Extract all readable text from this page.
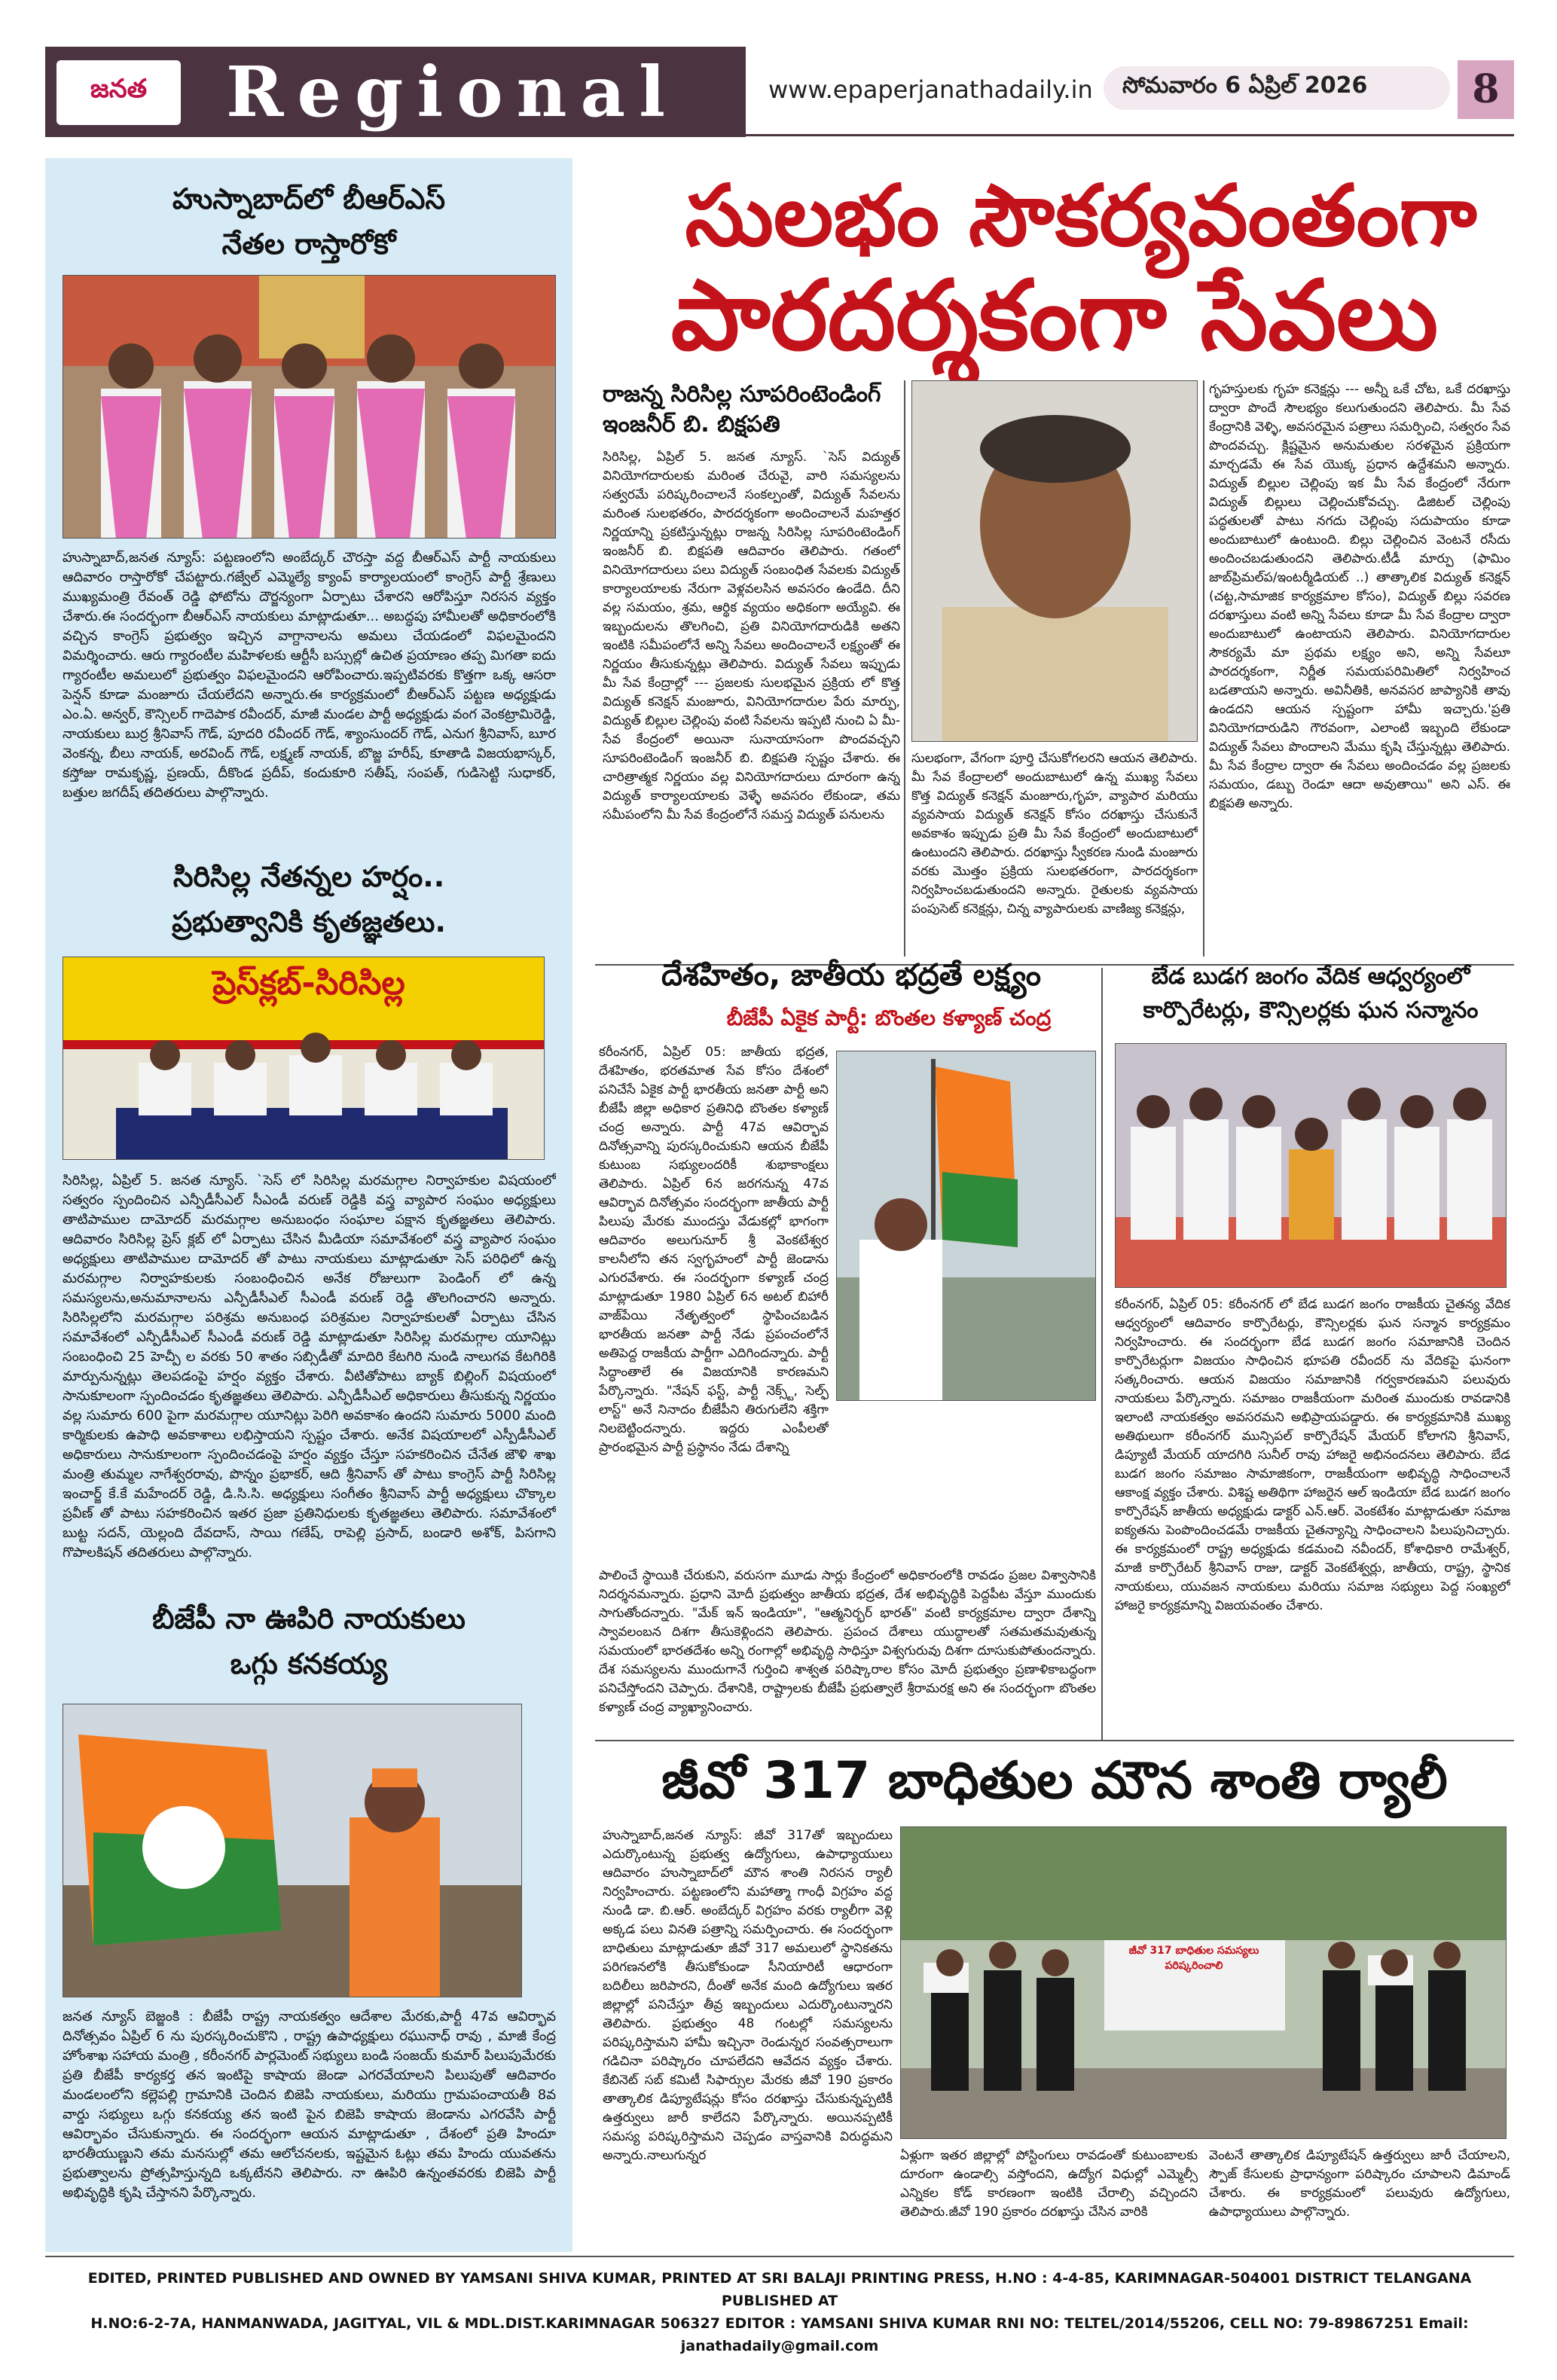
జనత	Regional	www.epaperjanathadaily.in సోమవారం 6 ఏప్రిల్ 2026	8
హుస్నాబాద్‌లో బీఆర్ఎస్
నేతల రాస్తారోకో
హుస్నాబాద్,జనత న్యూస్: పట్టణంలోని అంబేద్కర్ చౌరస్తా వద్ద బీఆర్ఎస్ పార్టీ నాయకులు ఆదివారం రాస్తారోకో చేపట్టారు.గజ్వేల్ ఎమ్మెల్యే క్యాంప్ కార్యాలయంలో కాంగ్రెస్ పార్టీ శ్రేణులు ముఖ్యమంత్రి రేవంత్ రెడ్డి ఫోటోను దౌర్జన్యంగా ఏర్పాటు చేశారని ఆరోపిస్తూ నిరసన వ్యక్తం చేశారు.ఈ సందర్భంగా బీఆర్ఎస్ నాయకులు మాట్లాడుతూ... అబద్ధపు హామీలతో అధికారంలోకి వచ్చిన కాంగ్రెస్ ప్రభుత్వం ఇచ్చిన వాగ్దానాలను అమలు చేయడంలో విఫలమైందని విమర్శించారు. ఆరు గ్యారంటీల మహిళలకు ఆర్టీసీ బస్సుల్లో ఉచిత ప్రయాణం తప్ప మిగతా ఐదు గ్యారంటీల అమలులో ప్రభుత్వం విఫలమైందని ఆరోపించారు.ఇప్పటివరకు కొత్తగా ఒక్క ఆసరా పెన్షన్ కూడా మంజూరు చేయలేదని అన్నారు.ఈ కార్యక్రమంలో బీఆర్ఎస్ పట్టణ అధ్యక్షుడు ఎం.ఏ. అన్వర్, కౌన్సిలర్ గాదెపాక రవీందర్, మాజీ మండల పార్టీ అధ్యక్షుడు వంగ వెంకట్రామిరెడ్డి, నాయకులు బుర్ర శ్రీనివాస్ గౌడ్, పూదరి రవీందర్ గౌడ్, శ్యాంసుందర్ గౌడ్, ఎనుగ శ్రీనివాస్, బూర వెంకన్న, బీలు నాయక్, అరవింద్ గౌడ్, లక్ష్మణ్ నాయక్, బొజ్జ హరీష్, కూతాడి విజయభాస్కర్, కస్తోజు రామకృష్ణ, ప్రణయ్, దీకొండ ప్రదీప్, కందుకూరి సతీష్, సంపత్, గుడిసెట్టి సుధాకర్, బత్తుల జగదీష్ తదితరులు పాల్గొన్నారు.
సిరిసిల్ల నేతన్నల హర్షం..
ప్రభుత్వానికి కృతజ్ఞతలు.
ప్రెస్‌క్లబ్-సిరిసిల్ల
సిరిసిల్ల, ఏప్రిల్ 5. జనత న్యూస్. `సెస్ లో సిరిసిల్ల మరమగ్గాల నిర్వాహకుల విషయంలో సత్వరం స్పందించిన ఎన్పీడీసీఎల్ సీఎండీ వరుణ్ రెడ్డికి వస్త్ర వ్యాపార సంఘం అధ్యక్షులు తాటిపాముల దామోదర్ మరమగ్గాల అనుబంధం సంఘాల పక్షాన కృతజ్ఞతలు తెలిపారు. ఆదివారం సిరిసిల్ల ప్రెస్ క్లబ్ లో ఏర్పాటు చేసిన మీడియా సమావేశంలో వస్త్ర వ్యాపార సంఘం అధ్యక్షులు తాటిపాముల దామోదర్ తో పాటు నాయకులు మాట్లాడుతూ సెస్ పరిధిలో ఉన్న మరమగ్గాల నిర్వాహకులకు సంబంధించిన అనేక రోజులుగా పెండింగ్ లో ఉన్న సమస్యలను,అనుమానాలను ఎన్పీడీసీఎల్ సీఎండీ వరుణ్ రెడ్డి తొలగించారని అన్నారు. సిరిసిల్లలోని మరమగ్గాల పరిశ్రమ అనుబంధ పరిశ్రమల నిర్వాహకులతో ఏర్పాటు చేసిన సమావేశంలో ఎన్పీడీసీఎల్ సీఎండీ వరుణ్ రెడ్డి మాట్లాడుతూ సిరిసిల్ల మరమగ్గాల యూనిట్లు సంబంధించి 25 హెచ్పీ ల వరకు 50 శాతం సబ్సిడీతో మాదిరి కేటగిరి నుండి నాలుగవ కేటగిరికి మార్పునున్నట్లు తెలపడంపై హర్షం వ్యక్తం చేశారు. వీటితోపాటు బ్యాక్ బిల్లింగ్ విషయంలో సానుకూలంగా స్పందించడం కృతజ్ఞతలు తెలిపారు. ఎన్పీడీసీఎల్ అధికారులు తీసుకున్న నిర్ణయం వల్ల సుమారు 600 పైగా మరమగ్గాల యూనిట్లు పెరిగి అవకాశం ఉందని సుమారు 5000 మంది కార్మికులకు ఉపాధి అవకాశాలు లభిస్తాయని స్పష్టం చేశారు. అనేక విషయాలలో ఎస్పీడీసీఎల్ అధికారులు సానుకూలంగా స్పందించడంపై హర్షం వ్యక్తం చేస్తూ సహకరించిన చేనేత జౌళి శాఖ మంత్రి తుమ్మల నాగేశ్వరరావు, పొన్నం ప్రభాకర్, ఆది శ్రీనివాస్ తో పాటు కాంగ్రెస్ పార్టీ సిరిసిల్ల ఇంచార్జ్ కే.కే మహేందర్ రెడ్డి, డి.సి.సి. అధ్యక్షులు సంగీతం శ్రీనివాస్ పార్టీ అధ్యక్షులు చొక్కాల ప్రవీణ్ తో పాటు సహకరించిన ఇతర ప్రజా ప్రతినిధులకు కృతజ్ఞతలు తెలిపారు. సమావేశంలో బుట్ట సదన్, యెల్లంది దేవదాస్, సాయి గణేష్, రాపెల్లి ప్రసాద్, బండారి అశోక్, పిసగాని గొపాలకిషన్ తదితరులు పాల్గొన్నారు.
బీజేపీ నా ఊపిరి నాయకులు
ఒగ్గు కనకయ్య
జనత న్యూస్ బెజ్జంకి : బీజేపీ రాష్ట్ర నాయకత్వం ఆదేశాల మేరకు,పార్టీ 47వ ఆవిర్భావ దినోత్సవం ఏప్రిల్ 6 ను పురస్కరించుకొని , రాష్ట్ర ఉపాధ్యక్షులు రఘునాధ్ రావు , మాజీ కేంద్ర హోంశాఖ సహాయ మంత్రి , కరీంనగర్ పార్లమెంట్ సభ్యులు బండి సంజయ్ కుమార్ పిలుపుమేరకు ప్రతి బీజేపీ కార్యకర్త తన ఇంటిపై కాషాయ జెండా ఎగరవేయాలని పిలుపుతో ఆదివారం మండలంలోని కల్లెపల్లి గ్రామానికి చెందిన బిజెపి నాయకులు, మరియు గ్రామపంచాయతీ 8వ వార్డు సభ్యులు ఒగ్గు కనకయ్య తన ఇంటి పైన బిజెపి కాషాయ జెండాను ఎగరవేసి పార్టీ ఆవిర్భావం చేసుకున్నారు. ఈ సందర్భంగా ఆయన మాట్లాడుతూ , దేశంలో ప్రతి హిందూ భారతీయుణ్ణుని తమ మనసుల్లో తమ ఆలోచనలకు, ఇష్టమైన ఓట్లు తమ హిందు యువతను ప్రభుత్వాలను ప్రోత్సహిస్తున్నది ఒక్కటేనని తెలిపారు. నా ఊపిరి ఉన్నంతవరకు బిజెపి పార్టీ అభివృద్ధికి కృషి చేస్తానని పేర్కొన్నారు.
సులభం సౌకర్యవంతంగా
పారదర్శకంగా సేవలు
రాజన్న సిరిసిల్ల సూపరింటెండింగ్
ఇంజనీర్ బి. బిక్షపతి
సిరిసిల్ల, ఏప్రిల్ 5. జనత న్యూస్. `సెస్ విద్యుత్ వినియోగదారులకు మరింత చేరువై, వారి సమస్యలను సత్వరమే పరిష్కరించాలనే సంకల్పంతో, విద్యుత్ సేవలను మరింత సులభతరం, పారదర్శకంగా అందించాలనే మహత్తర నిర్ణయాన్ని ప్రకటిస్తున్నట్లు రాజన్న సిరిసిల్ల సూపరింటెండింగ్ ఇంజనీర్ బి. బిక్షపతి ఆదివారం తెలిపారు. గతంలో వినియోగదారులు పలు విద్యుత్ సంబంధిత సేవలకు విద్యుత్ కార్యాలయాలకు నేరుగా వెళ్లవలసిన అవసరం ఉండేది. దీని వల్ల సమయం, శ్రమ, ఆర్థిక వ్యయం అధికంగా అయ్యేవి. ఈ ఇబ్బందులను తొలగించి, ప్రతి వినియోగదారుడికి అతని ఇంటికి సమీపంలోనే అన్ని సేవలు అందించాలనే లక్ష్యంతో ఈ నిర్ణయం తీసుకున్నట్లు తెలిపారు. విద్యుత్ సేవలు ఇప్పుడు మీ సేవ కేంద్రాల్లో --- ప్రజలకు సులభమైన ప్రక్రియ లో కొత్త విద్యుత్ కనెక్షన్ మంజూరు, వినియోగదారుల పేరు మార్పు, విద్యుత్ బిల్లుల చెల్లింపు వంటి సేవలను ఇప్పటి నుంచి ఏ మీ- సేవ కేంద్రంలో అయినా సునాయాసంగా పొందవచ్చని సూపరింటెండింగ్ ఇంజనీర్ బి. బిక్షపతి స్పష్టం చేశారు. ఈ చారిత్రాత్మక నిర్ణయం వల్ల వినియోగదారులు దూరంగా ఉన్న విద్యుత్ కార్యాలయాలకు వెళ్ళే అవసరం లేకుండా, తమ సమీపంలోని మీ సేవ కేంద్రంలోనే సమస్త విద్యుత్ పనులను
సులభంగా, వేగంగా పూర్తి చేసుకోగలరని ఆయన తెలిపారు. మీ సేవ కేంద్రాలలో అందుబాటులో ఉన్న ముఖ్య సేవలు కొత్త విద్యుత్ కనెక్షన్ మంజూరు,గృహ, వ్యాపార మరియు వ్యవసాయ విద్యుత్ కనెక్షన్ కోసం దరఖాస్తు చేసుకునే అవకాశం ఇప్పుడు ప్రతి మీ సేవ కేంద్రంలో అందుబాటులో ఉంటుందని తెలిపారు. దరఖాస్తు స్వీకరణ నుండి మంజూరు వరకు మొత్తం ప్రక్రియ సులభతరంగా, పారదర్శకంగా నిర్వహించబడుతుందని అన్నారు. రైతులకు వ్యవసాయ పంపుసెట్ కనెక్షన్లు, చిన్న వ్యాపారులకు వాణిజ్య కనెక్షన్లు,
గృహస్తులకు గృహ కనెక్షన్లు --- అన్నీ ఒకే చోట, ఒకే దరఖాస్తు ద్వారా పొందే సౌలభ్యం కలుగుతుందని తెలిపారు. మీ సేవ కేంద్రానికి వెళ్ళి, అవసరమైన పత్రాలు సమర్పించి, సత్వరం సేవ పొందవచ్చు. క్లిష్టమైన అనుమతుల సరళమైన ప్రక్రియగా మార్చడమే ఈ సేవ యొక్క ప్రధాన ఉద్దేశమని అన్నారు. విద్యుత్ బిల్లుల చెల్లింపు ఇక మీ సేవ కేంద్రంలో నేరుగా విద్యుత్ బిల్లులు చెల్లించుకోవచ్చు. డిజిటల్ చెల్లింపు పద్ధతులతో పాటు నగదు చెల్లింపు సదుపాయం కూడా అందుబాటులో ఉంటుంది. బిల్లు చెల్లించిన వెంటనే రసీదు అందించబడుతుందని తెలిపారు.టీడీ మార్పు (ఫామిం జాబ్‌ప్రిమల్‌ప/ఇంటర్మీడియట్ ..) తాత్కాలిక విద్యుత్ కనెక్షన్ (చట్ట,సామాజిక కార్యక్రమాల కోసం), విద్యుత్ బిల్లు సవరణ దరఖాస్తులు వంటి అన్ని సేవలు కూడా మీ సేవ కేంద్రాల ద్వారా అందుబాటులో ఉంటాయని తెలిపారు. వినియోగదారుల సౌకర్యమే మా ప్రథమ లక్ష్యం అని, అన్ని సేవలూ పారదర్శకంగా, నిర్ణీత సమయపరిమితిలో నిర్వహించ బడతాయని అన్నారు. అవినీతికి, అనవసర జాప్యానికి తావు ఉండదని ఆయన స్పష్టంగా హామీ ఇచ్చారు.'ప్రతి వినియోగదారుడిని గౌరవంగా, ఎలాంటి ఇబ్బంది లేకుండా విద్యుత్ సేవలు పొందాలని మేము కృషి చేస్తున్నట్లు తెలిపారు. మీ సేవ కేంద్రాల ద్వారా ఈ సేవలు అందించడం వల్ల ప్రజలకు సమయం, డబ్బు రెండూ ఆదా అవుతాయి" అని ఎస్. ఈ బిక్షపతి అన్నారు.
దేశహితం, జాతీయ భద్రతే లక్ష్యం
బీజేపీ ఏకైక పార్టీ: బొంతల కళ్యాణ్ చంద్ర
కరీంనగర్, ఏప్రిల్ 05: జాతీయ భద్రత, దేశహితం, భరతమాత సేవ కోసం దేశంలో పనిచేసే ఏకైక పార్టీ భారతీయ జనతా పార్టీ అని బీజేపీ జిల్లా అధికార ప్రతినిధి బొంతల కళ్యాణ్ చంద్ర అన్నారు. పార్టీ 47వ ఆవిర్భావ దినోత్సవాన్ని పురస్కరించుకుని ఆయన బీజేపీ కుటుంబ సభ్యులందరికీ శుభాకాంక్షలు తెలిపారు. ఏప్రిల్ 6న జరగనున్న 47వ ఆవిర్భావ దినోత్సవం సందర్భంగా జాతీయ పార్టీ పిలుపు మేరకు ముందస్తు వేడుకల్లో భాగంగా ఆదివారం అలుగునూర్ శ్రీ వెంకటేశ్వర కాలనీలోని తన స్వగృహంలో పార్టీ జెండాను ఎగురవేశారు. ఈ సందర్భంగా కళ్యాణ్ చంద్ర మాట్లాడుతూ 1980 ఏప్రిల్ 6న అటల్ బిహారీ వాజ్‌పేయి నేతృత్వంలో స్థాపించబడిన భారతీయ జనతా పార్టీ నేడు ప్రపంచంలోనే అతిపెద్ద రాజకీయ పార్టీగా ఎదిగిందన్నారు. పార్టీ సిద్ధాంతాలే ఈ విజయానికి కారణమని పేర్కొన్నారు. "నేషన్ ఫస్ట్, పార్టీ నెక్స్ట్, సెల్ఫ్ లాస్ట్" అనే నినాదం బీజేపీని తిరుగులేని శక్తిగా నిలబెట్టిందన్నారు. ఇద్దరు ఎంపీలతో ప్రారంభమైన పార్టీ ప్రస్థానం నేడు దేశాన్ని
పాలించే స్థాయికి చేరుకుని, వరుసగా మూడు సార్లు కేంద్రంలో అధికారంలోకి రావడం ప్రజల విశ్వాసానికి నిదర్శనమన్నారు. ప్రధాని మోదీ ప్రభుత్వం జాతీయ భద్రత, దేశ అభివృద్ధికి పెద్దపీట వేస్తూ ముందుకు సాగుతోందన్నారు. "మేక్ ఇన్ ఇండియా", "ఆత్మనిర్భర్ భారత్" వంటి కార్యక్రమాల ద్వారా దేశాన్ని స్వావలంబన దిశగా తీసుకెళ్లిందని తెలిపారు. ప్రపంచ దేశాలు యుద్ధాలతో సతమతమవుతున్న సమయంలో భారతదేశం అన్ని రంగాల్లో అభివృద్ధి సాధిస్తూ విశ్వగురువు దిశగా దూసుకుపోతుందన్నారు. దేశ సమస్యలను ముందుగానే గుర్తించి శాశ్వత పరిష్కారాల కోసం మోదీ ప్రభుత్వం ప్రణాళికాబద్ధంగా పనిచేస్తోందని చెప్పారు. దేశానికి, రాష్ట్రాలకు బీజేపీ ప్రభుత్వాలే శ్రీరామరక్ష అని ఈ సందర్భంగా బొంతల కళ్యాణ్ చంద్ర వ్యాఖ్యానించారు.
బేడ బుడగ జంగం వేదిక ఆధ్వర్యంలో
కార్పొరేటర్లు, కౌన్సిలర్లకు ఘన సన్మానం
కరీంనగర్, ఏప్రిల్ 05: కరీంనగర్ లో బేడ బుడగ జంగం రాజకీయ చైతన్య వేదిక ఆధ్వర్యంలో ఆదివారం కార్పొరేటర్లు, కౌన్సిలర్లకు ఘన సన్మాన కార్యక్రమం నిర్వహించారు. ఈ సందర్భంగా బేడ బుడగ జంగం సమాజానికి చెందిన కార్పొరేటర్లుగా విజయం సాధించిన భూపతి రవీందర్ ను వేదికపై ఘనంగా సత్కరించారు. ఆయన విజయం సమాజానికి గర్వకారణమని పలువురు నాయకులు పేర్కొన్నారు. సమాజం రాజకీయంగా మరింత ముందుకు రావడానికి ఇలాంటి నాయకత్వం అవసరమని అభిప్రాయపడ్డారు. ఈ కార్యక్రమానికి ముఖ్య అతిథులుగా కరీంనగర్ మున్సిపల్ కార్పొరేషన్ మేయర్ కోలాగని శ్రీనివాస్, డిప్యూటీ మేయర్ యాదగిరి సునీల్ రావు హాజరై అభినందనలు తెలిపారు. బేడ బుడగ జంగం సమాజం సామాజికంగా, రాజకీయంగా అభివృద్ధి సాధించాలనే ఆకాంక్ష వ్యక్తం చేశారు. విశిష్ట అతిథిగా హాజరైన ఆల్ ఇండియా బేడ బుడగ జంగం కార్పొరేషన్ జాతీయ అధ్యక్షుడు డాక్టర్ ఎన్.ఆర్. వెంకటేశం మాట్లాడుతూ సమాజ ఐక్యతను పెంపొందించడమే రాజకీయ చైతన్యాన్ని సాధించాలని పిలుపునిచ్చారు. ఈ కార్యక్రమంలో రాష్ట్ర అధ్యక్షుడు కడమంచి నవీందర్, కోశాధికారి రామేశ్వర్, మాజీ కార్పొరేటర్ శ్రీనివాస్ రాజు, డాక్టర్ వెంకటేశ్వర్లు, జాతీయ, రాష్ట్ర, స్థానిక నాయకులు, యువజన నాయకులు మరియు సమాజ సభ్యులు పెద్ద సంఖ్యలో హాజరై కార్యక్రమాన్ని విజయవంతం చేశారు.
జీవో 317 బాధితుల మౌన శాంతి ర్యాలీ
హుస్నాబాద్,జనత న్యూస్: జీవో 317తో ఇబ్బందులు ఎదుర్కొంటున్న ప్రభుత్వ ఉద్యోగులు, ఉపాధ్యాయులు ఆదివారం హుస్నాబాద్‌లో మౌన శాంతి నిరసన ర్యాలీ నిర్వహించారు. పట్టణంలోని మహాత్మా గాంధీ విగ్రహం వద్ద నుండి డా. బి.ఆర్. అంబేద్కర్ విగ్రహం వరకు ర్యాలీగా వెళ్లి అక్కడ పలు వినతి పత్రాన్ని సమర్పించారు. ఈ సందర్భంగా బాధితులు మాట్లాడుతూ జీవో 317 అమలులో స్థానికతను పరిగణనలోకి తీసుకోకుండా సీనియారిటీ ఆధారంగా బదిలీలు జరిపారని, దీంతో అనేక మంది ఉద్యోగులు ఇతర జిల్లాల్లో పనిచేస్తూ తీవ్ర ఇబ్బందులు ఎదుర్కొంటున్నారని తెలిపారు. ప్రభుత్వం 48 గంటల్లో సమస్యలను పరిష్కరిస్తామని హామీ ఇచ్చినా రెండున్నర సంవత్సరాలుగా గడిచినా పరిష్కారం చూపలేదని ఆవేదన వ్యక్తం చేశారు. కేబినెట్ సబ్ కమిటీ సిఫార్సుల మేరకు జీవో 190 ప్రకారం తాత్కాలిక డిప్యూటేషన్లు కోసం దరఖాస్తు చేసుకున్నప్పటికీ ఉత్తర్వులు జారీ కాలేదని పేర్కొన్నారు. అయినప్పటికీ సమస్య పరిష్కరిస్తామని చెప్పడం వాస్తవానికి విరుద్ధమని అన్నారు.నాలుగున్నర
జీవో 317 బాధితుల సమస్యలు పరిష్కరించాలి
ఏళ్లుగా ఇతర జిల్లాల్లో పోస్టింగులు రావడంతో కుటుంబాలకు దూరంగా ఉండాల్సి వస్తోందని, ఉద్యోగ విధుల్లో ఎమ్మెల్సీ ఎన్నికల కోడ్ కారణంగా ఇంటికి చేరాల్సి వచ్చిందని తెలిపారు.జీవో 190 ప్రకారం దరఖాస్తు చేసిన వారికి
వెంటనే తాత్కాలిక డిప్యూటేషన్ ఉత్తర్వులు జారీ చేయాలని, స్పౌజ్ కేసులకు ప్రాధాన్యంగా పరిష్కారం చూపాలని డిమాండ్ చేశారు. ఈ కార్యక్రమంలో పలువురు ఉద్యోగులు, ఉపాధ్యాయులు పాల్గొన్నారు.
EDITED, PRINTED PUBLISHED AND OWNED BY YAMSANI SHIVA KUMAR, PRINTED AT SRI BALAJI PRINTING PRESS, H.NO : 4-4-85, KARIMNAGAR-504001 DISTRICT TELANGANA PUBLISHED AT
H.NO:6-2-7A, HANMANWADA, JAGITYAL, VIL & MDL.DIST.KARIMNAGAR 506327 EDITOR : YAMSANI SHIVA KUMAR RNI NO: TELTEL/2014/55206, CELL NO: 79-89867251 Email: janathadaily@gmail.com
